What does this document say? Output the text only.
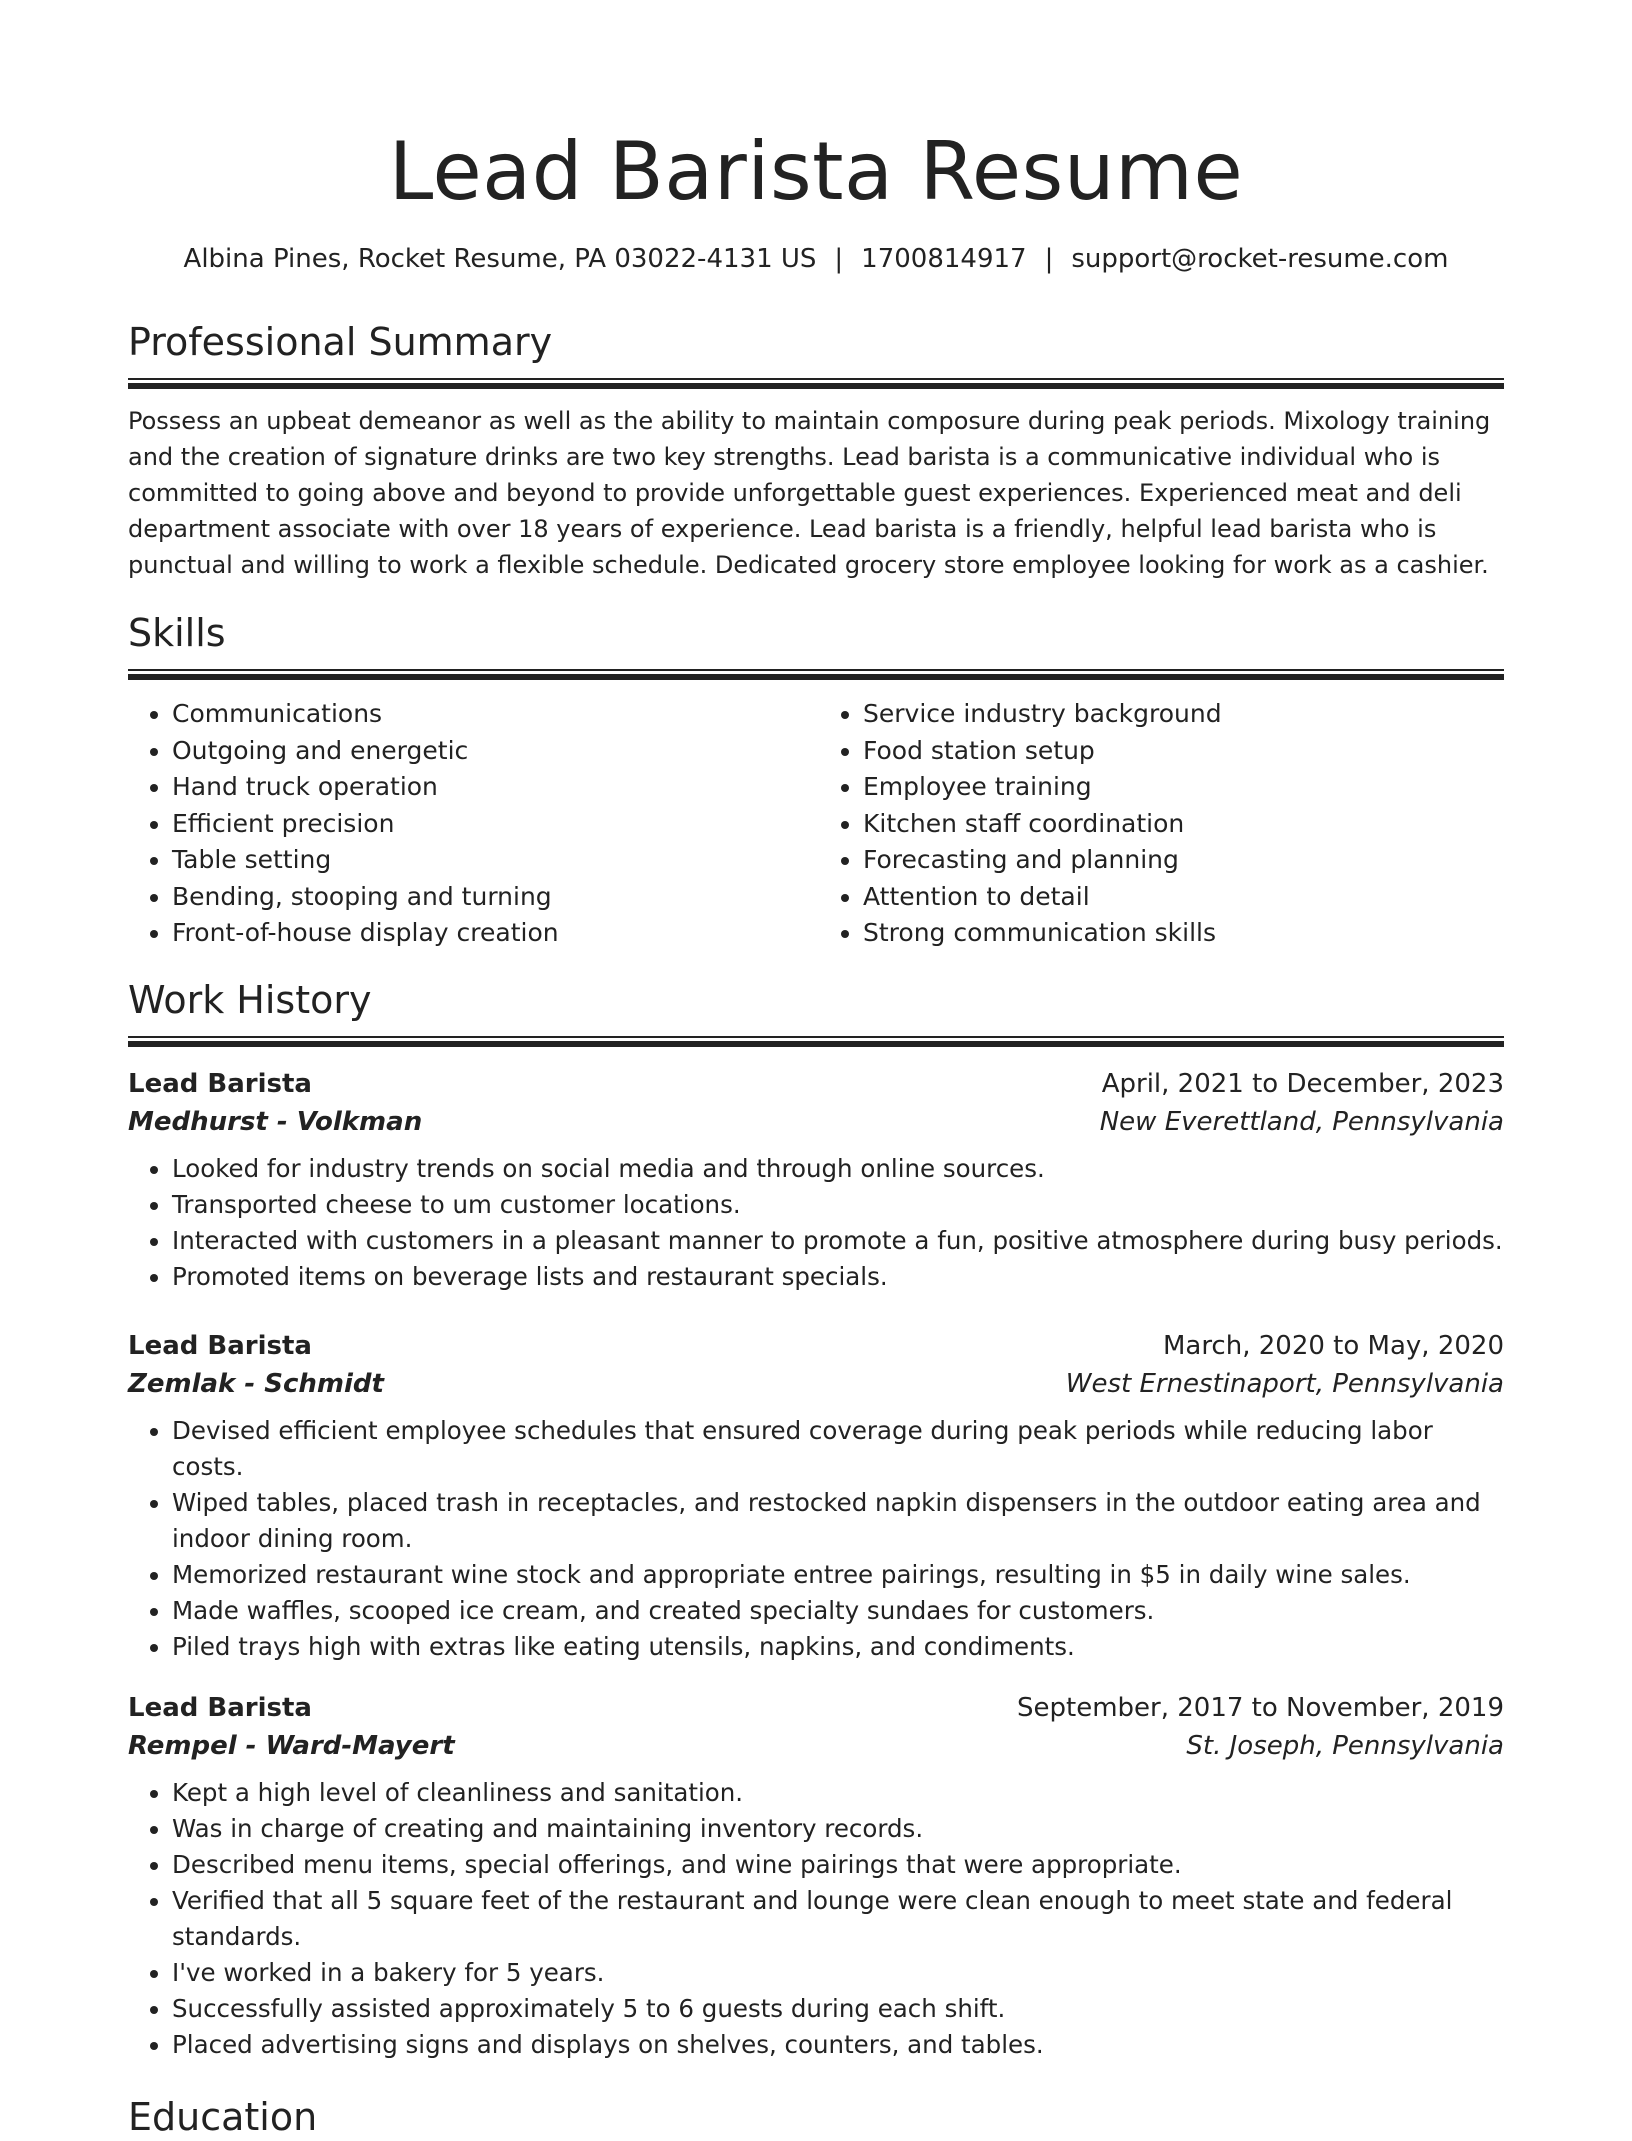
Lead Barista Resume
Albina Pines, Rocket Resume, PA 03022-4131 US | 1700814917 | support@rocket-resume.com
Professional Summary

Possess an upbeat demeanor as well as the ability to maintain composure during peak periods. Mixology training and the creation of signature drinks are two key strengths. Lead barista is a communicative individual who is committed to going above and beyond to provide unforgettable guest experiences. Experienced meat and deli department associate with over 18 years of experience. Lead barista is a friendly, helpful lead barista who is punctual and willing to work a flexible schedule. Dedicated grocery store employee looking for work as a cashier.

Skills
• Communications
• Outgoing and energetic
• Hand truck operation
• Efficient precision
• Table setting
• Bending, stooping and turning
• Front-of-house display creation
• Service industry background
• Food station setup
• Employee training
• Kitchen staff coordination
• Forecasting and planning
• Attention to detail
• Strong communication skills
Work History
Lead Barista	April, 2021 to December, 2023
Medhurst - Volkman	New Everettland, Pennsylvania
• Looked for industry trends on social media and through online sources.
• Transported cheese to um customer locations.
• Interacted with customers in a pleasant manner to promote a fun, positive atmosphere during busy periods.
• Promoted items on beverage lists and restaurant specials.
Lead Barista	March, 2020 to May, 2020
Zemlak - Schmidt	West Ernestinaport, Pennsylvania
• Devised efficient employee schedules that ensured coverage during peak periods while reducing labor costs.
• Wiped tables, placed trash in receptacles, and restocked napkin dispensers in the outdoor eating area and indoor dining room.
• Memorized restaurant wine stock and appropriate entree pairings, resulting in $5 in daily wine sales.
• Made waffles, scooped ice cream, and created specialty sundaes for customers.
• Piled trays high with extras like eating utensils, napkins, and condiments.
Lead Barista	September, 2017 to November, 2019
Rempel - Ward-Mayert	St. Joseph, Pennsylvania
• Kept a high level of cleanliness and sanitation.
• Was in charge of creating and maintaining inventory records.
• Described menu items, special offerings, and wine pairings that were appropriate.
• Verified that all 5 square feet of the restaurant and lounge were clean enough to meet state and federal standards.
• I've worked in a bakery for 5 years.
• Successfully assisted approximately 5 to 6 guests during each shift.
• Placed advertising signs and displays on shelves, counters, and tables.
Education
